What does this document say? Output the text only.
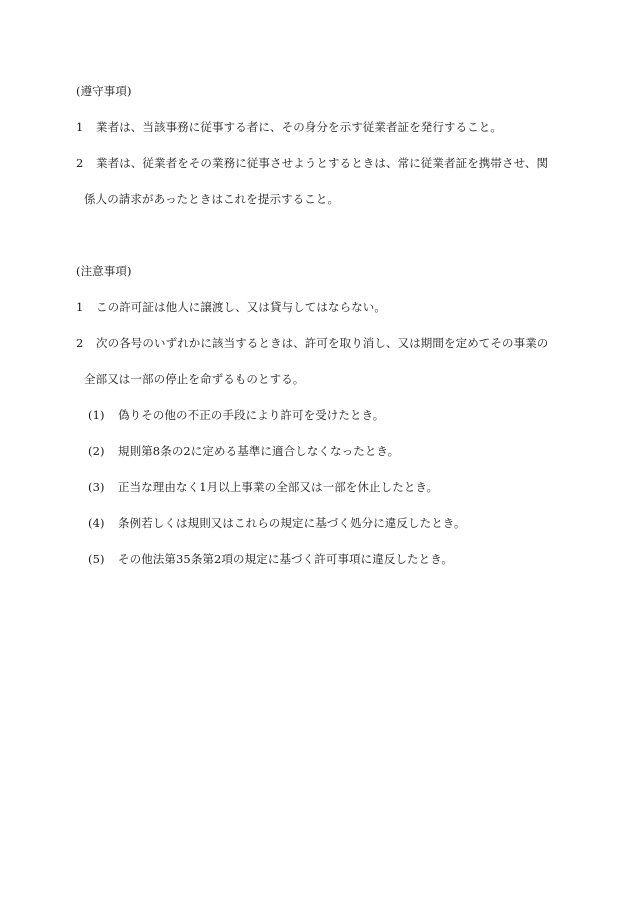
(遵守事項)
1 業者は、当該事務に従事する者に、その身分を示す従業者証を発行すること。
2 業者は、従業者をその業務に従事させようとするときは、常に従業者証を携帯させ、関
係人の請求があったときはこれを提示すること。
(注意事項)
1 この許可証は他人に譲渡し、又は貸与してはならない。
2 次の各号のいずれかに該当するときは、許可を取り消し、又は期間を定めてその事業の
全部又は一部の停止を命ずるものとする。
(1) 偽りその他の不正の手段により許可を受けたとき。
(2) 規則第8条の2に定める基準に適合しなくなったとき。
(3) 正当な理由なく1月以上事業の全部又は一部を休止したとき。
(4) 条例若しくは規則又はこれらの規定に基づく処分に違反したとき。
(5) その他法第35条第2項の規定に基づく許可事項に違反したとき。
